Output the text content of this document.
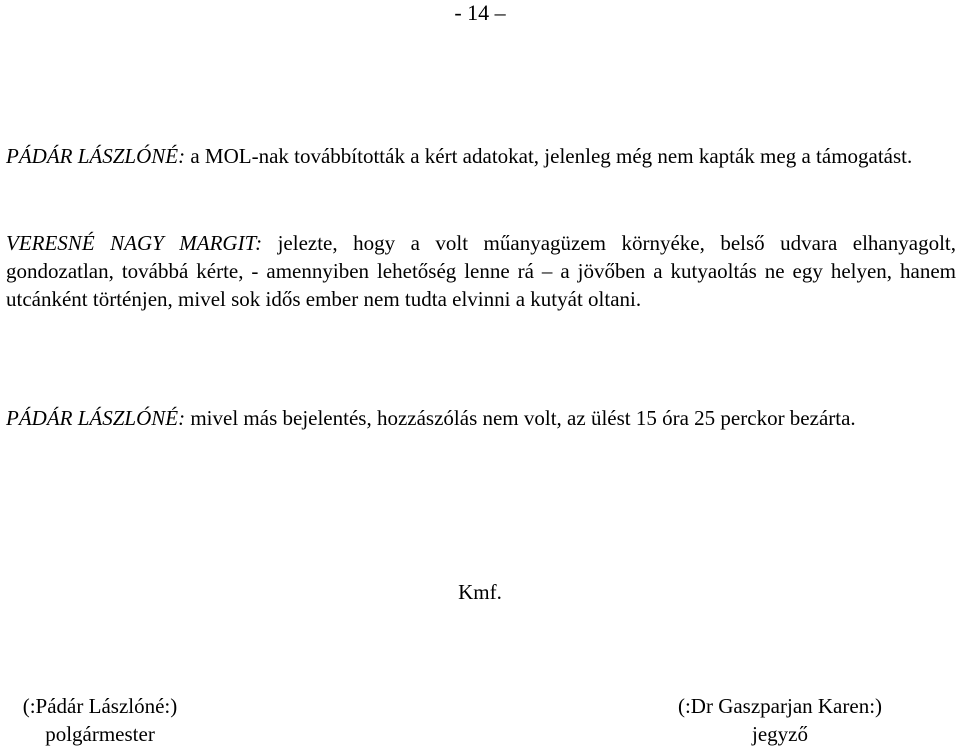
- 14 –

PÁDÁR LÁSZLÓNÉ: a MOL-nak továbbították a kért adatokat, jelenleg még nem kapták meg a támogatást.

VERESNÉ NAGY MARGIT: jelezte, hogy a volt műanyagüzem környéke, belső udvara elhanyagolt, gondozatlan, továbbá kérte, - amennyiben lehetőség lenne rá – a jövőben a kutyaoltás ne egy helyen, hanem utcánként történjen, mivel sok idős ember nem tudta elvinni a kutyát oltani.

PÁDÁR LÁSZLÓNÉ: mivel más bejelentés, hozzászólás nem volt, az ülést 15 óra 25 perckor bezárta.

Kmf.
(:Pádár Lászlóné:)
polgármester
(:Dr Gaszparjan Karen:)
jegyző
